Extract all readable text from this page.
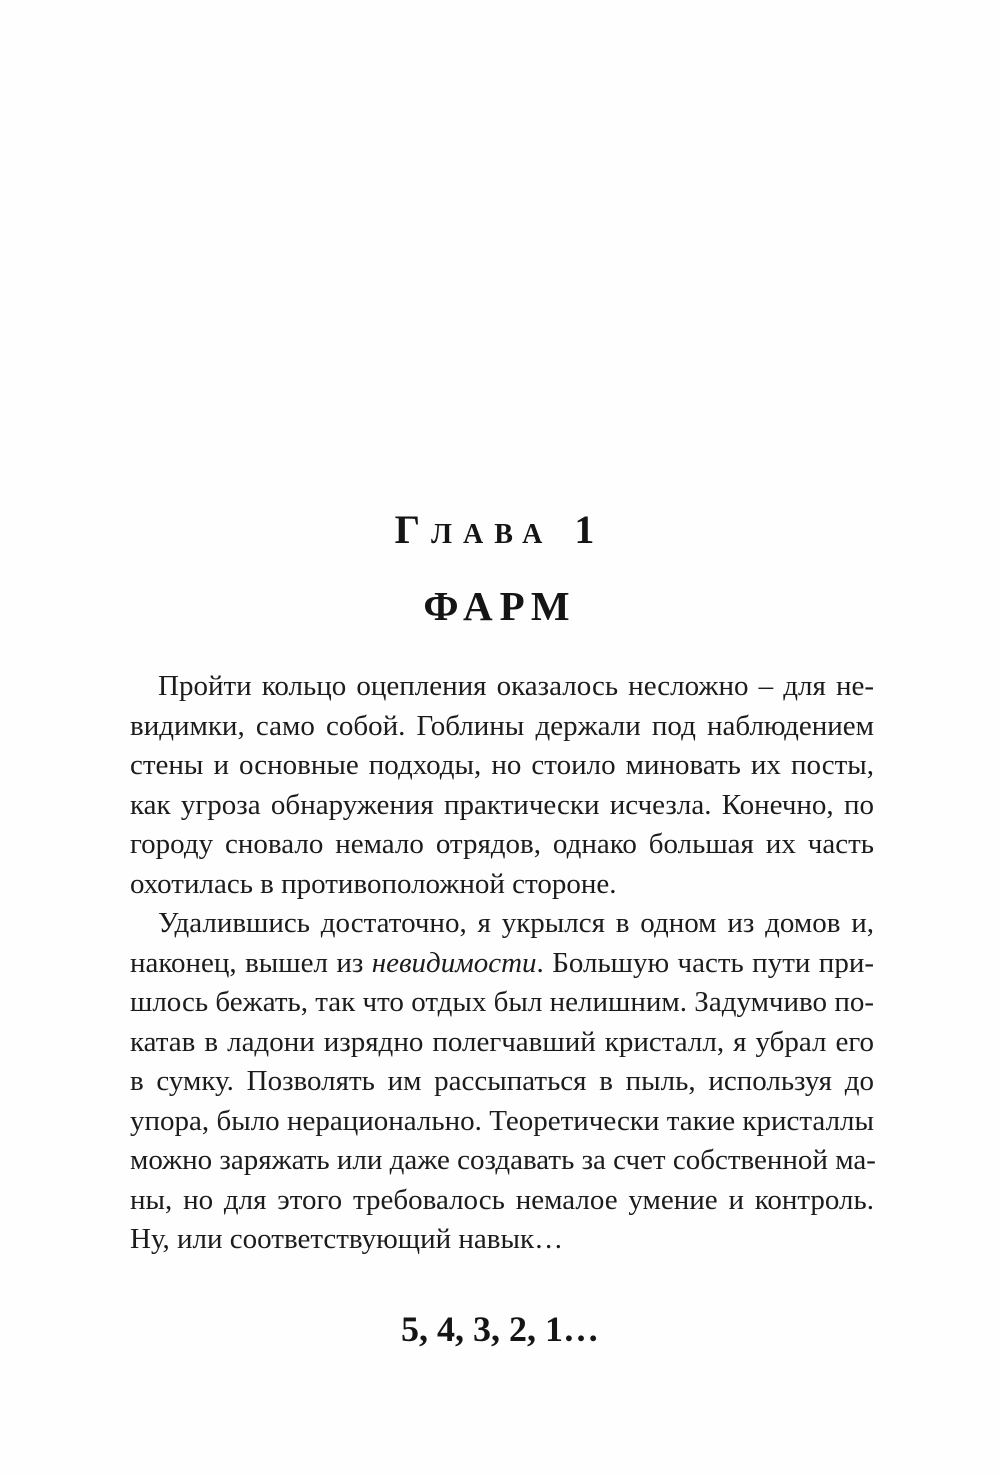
Глава 1
ФАРМ
Пройти кольцо оцепления оказалось несложно – для не-
видимки, само собой. Гоблины держали под наблюдением
стены и основные подходы, но стоило миновать их посты,
как угроза обнаружения практически исчезла. Конечно, по
городу сновало немало отрядов, однако большая их часть
охотилась в противоположной стороне.
Удалившись достаточно, я укрылся в одном из домов и,
наконец, вышел из невидимости. Большую часть пути при-
шлось бежать, так что отдых был нелишним. Задумчиво по-
катав в ладони изрядно полегчавший кристалл, я убрал его
в сумку. Позволять им рассыпаться в пыль, используя до
упора, было нерационально. Теоретически такие кристаллы
можно заряжать или даже создавать за счет собственной ма-
ны, но для этого требовалось немалое умение и контроль.
Ну, или соответствующий навык…
5, 4, 3, 2, 1…
